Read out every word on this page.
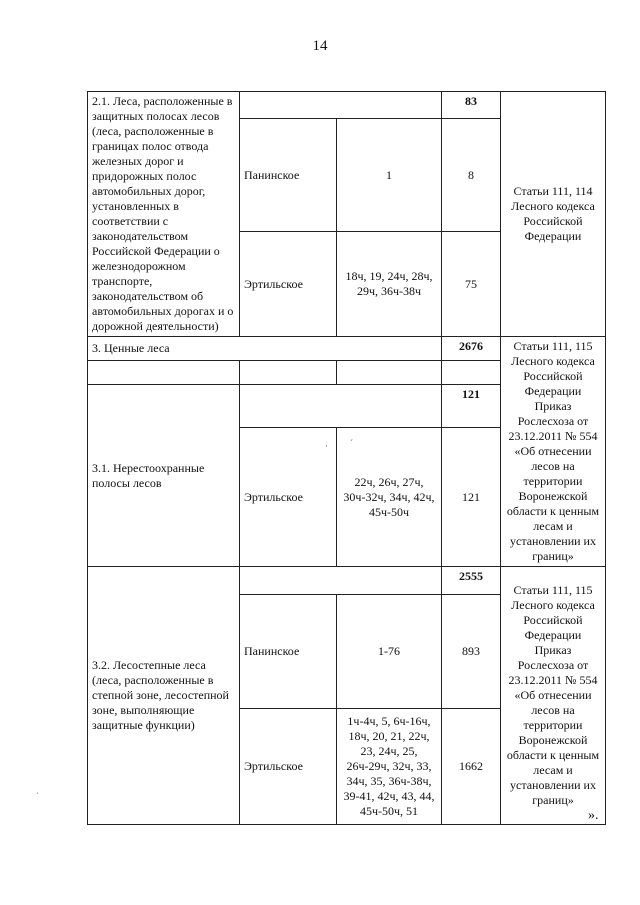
14
2.1. Леса, расположенные в защитных полосах лесов (леса, расположенные в границах полос отвода железных дорог и придорожных полос автомобильных дорог, установленных в соответствии с законодательством Российской Федерации о железнодорожном транспорте, законодательством об автомобильных дорогах и о дорожной деятельности)			83	Статьи 111, 114 Лесного кодекса Российской Федерации
	Панинское	1	8	
	Эртильское	18ч, 19, 24ч, 28ч, 29ч, 36ч-38ч	75	
3. Ценные леса			2676	Статьи 111, 115 Лесного кодекса Российской Федерации Приказ Рослесхоза от 23.12.2011 № 554 «Об отнесении лесов на территории Воронежской области к ценным лесам и установлении их границ»

3.1. Нерестоохранные полосы лесов			121	
	Эртильское	22ч, 26ч, 27ч, 30ч-32ч, 34ч, 42ч, 45ч-50ч	121	
3.2. Лесостепные леса (леса, расположенные в степной зоне, лесостепной зоне, выполняющие защитные функции)			2555	Статьи 111, 115 Лесного кодекса Российской Федерации Приказ Рослесхоза от 23.12.2011 № 554 «Об отнесении лесов на территории Воронежской области к ценным лесам и установлении их границ»
	Панинское	1-76	893	
	Эртильское	1ч-4ч, 5, 6ч-16ч, 18ч, 20, 21, 22ч, 23, 24ч, 25, 26ч-29ч, 32ч, 33, 34ч, 35, 36ч-38ч, 39-41, 42ч, 43, 44, 45ч-50ч, 51	1662	
».
· ´
ˌ
